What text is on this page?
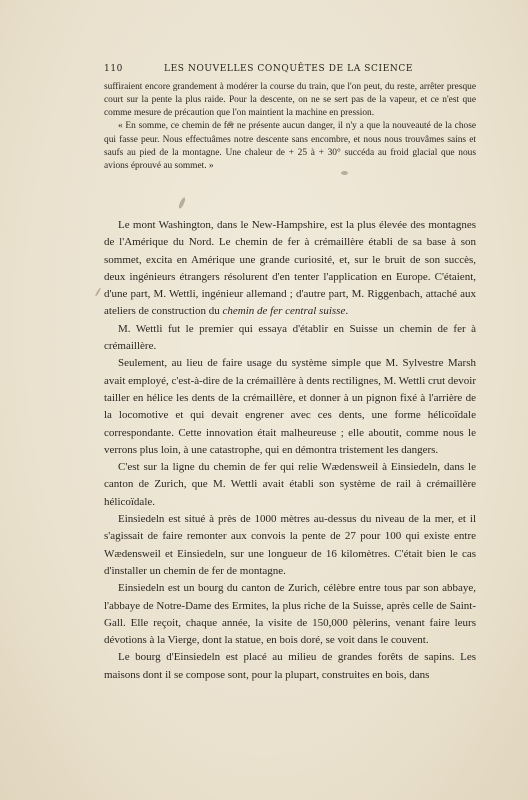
110	LES NOUVELLES CONQUÊTES DE LA SCIENCE

suffiraient encore grandement à modérer la course du train, que l'on peut, du reste, arrêter presque court sur la pente la plus raide. Pour la descente, on ne se sert pas de la vapeur, et ce n'est que comme mesure de précaution que l'on maintient la machine en pression.

« En somme, ce chemin de fer ne présente aucun danger, il n'y a que la nouveauté de la chose qui fasse peur. Nous effectuâmes notre descente sans encombre, et nous nous trouvâmes sains et saufs au pied de la montagne. Une chaleur de + 25 à + 30° succéda au froid glacial que nous avions éprouvé au sommet. »

Le mont Washington, dans le New-Hampshire, est la plus élevée des montagnes de l'Amérique du Nord. Le chemin de fer à crémaillère établi de sa base à son sommet, excita en Amérique une grande curiosité, et, sur le bruit de son succès, deux ingénieurs étrangers résolurent d'en tenter l'application en Europe. C'étaient, d'une part, M. Wettli, ingénieur allemand ; d'autre part, M. Riggenbach, attaché aux ateliers de construction du chemin de fer central suisse.

M. Wettli fut le premier qui essaya d'établir en Suisse un chemin de fer à crémaillère.

Seulement, au lieu de faire usage du système simple que M. Sylvestre Marsh avait employé, c'est-à-dire de la crémaillère à dents rectilignes, M. Wettli crut devoir tailler en hélice les dents de la crémaillère, et donner à un pignon fixé à l'arrière de la locomotive et qui devait engrener avec ces dents, une forme hélicoïdale correspondante. Cette innovation était malheureuse ; elle aboutit, comme nous le verrons plus loin, à une catastrophe, qui en démontra tristement les dangers.

C'est sur la ligne du chemin de fer qui relie Wædensweil à Einsiedeln, dans le canton de Zurich, que M. Wettli avait établi son système de rail à crémaillère hélicoïdale.

Einsiedeln est situé à près de 1000 mètres au-dessus du niveau de la mer, et il s'agissait de faire remonter aux convois la pente de 27 pour 100 qui existe entre Wædensweil et Einsiedeln, sur une longueur de 16 kilomètres. C'était bien le cas d'installer un chemin de fer de montagne.

Einsiedeln est un bourg du canton de Zurich, célèbre entre tous par son abbaye, l'abbaye de Notre-Dame des Ermites, la plus riche de la Suisse, après celle de Saint-Gall. Elle reçoit, chaque année, la visite de 150,000 pèlerins, venant faire leurs dévotions à la Vierge, dont la statue, en bois doré, se voit dans le couvent.

Le bourg d'Einsiedeln est placé au milieu de grandes forêts de sapins. Les maisons dont il se compose sont, pour la plupart, construites en bois, dans
